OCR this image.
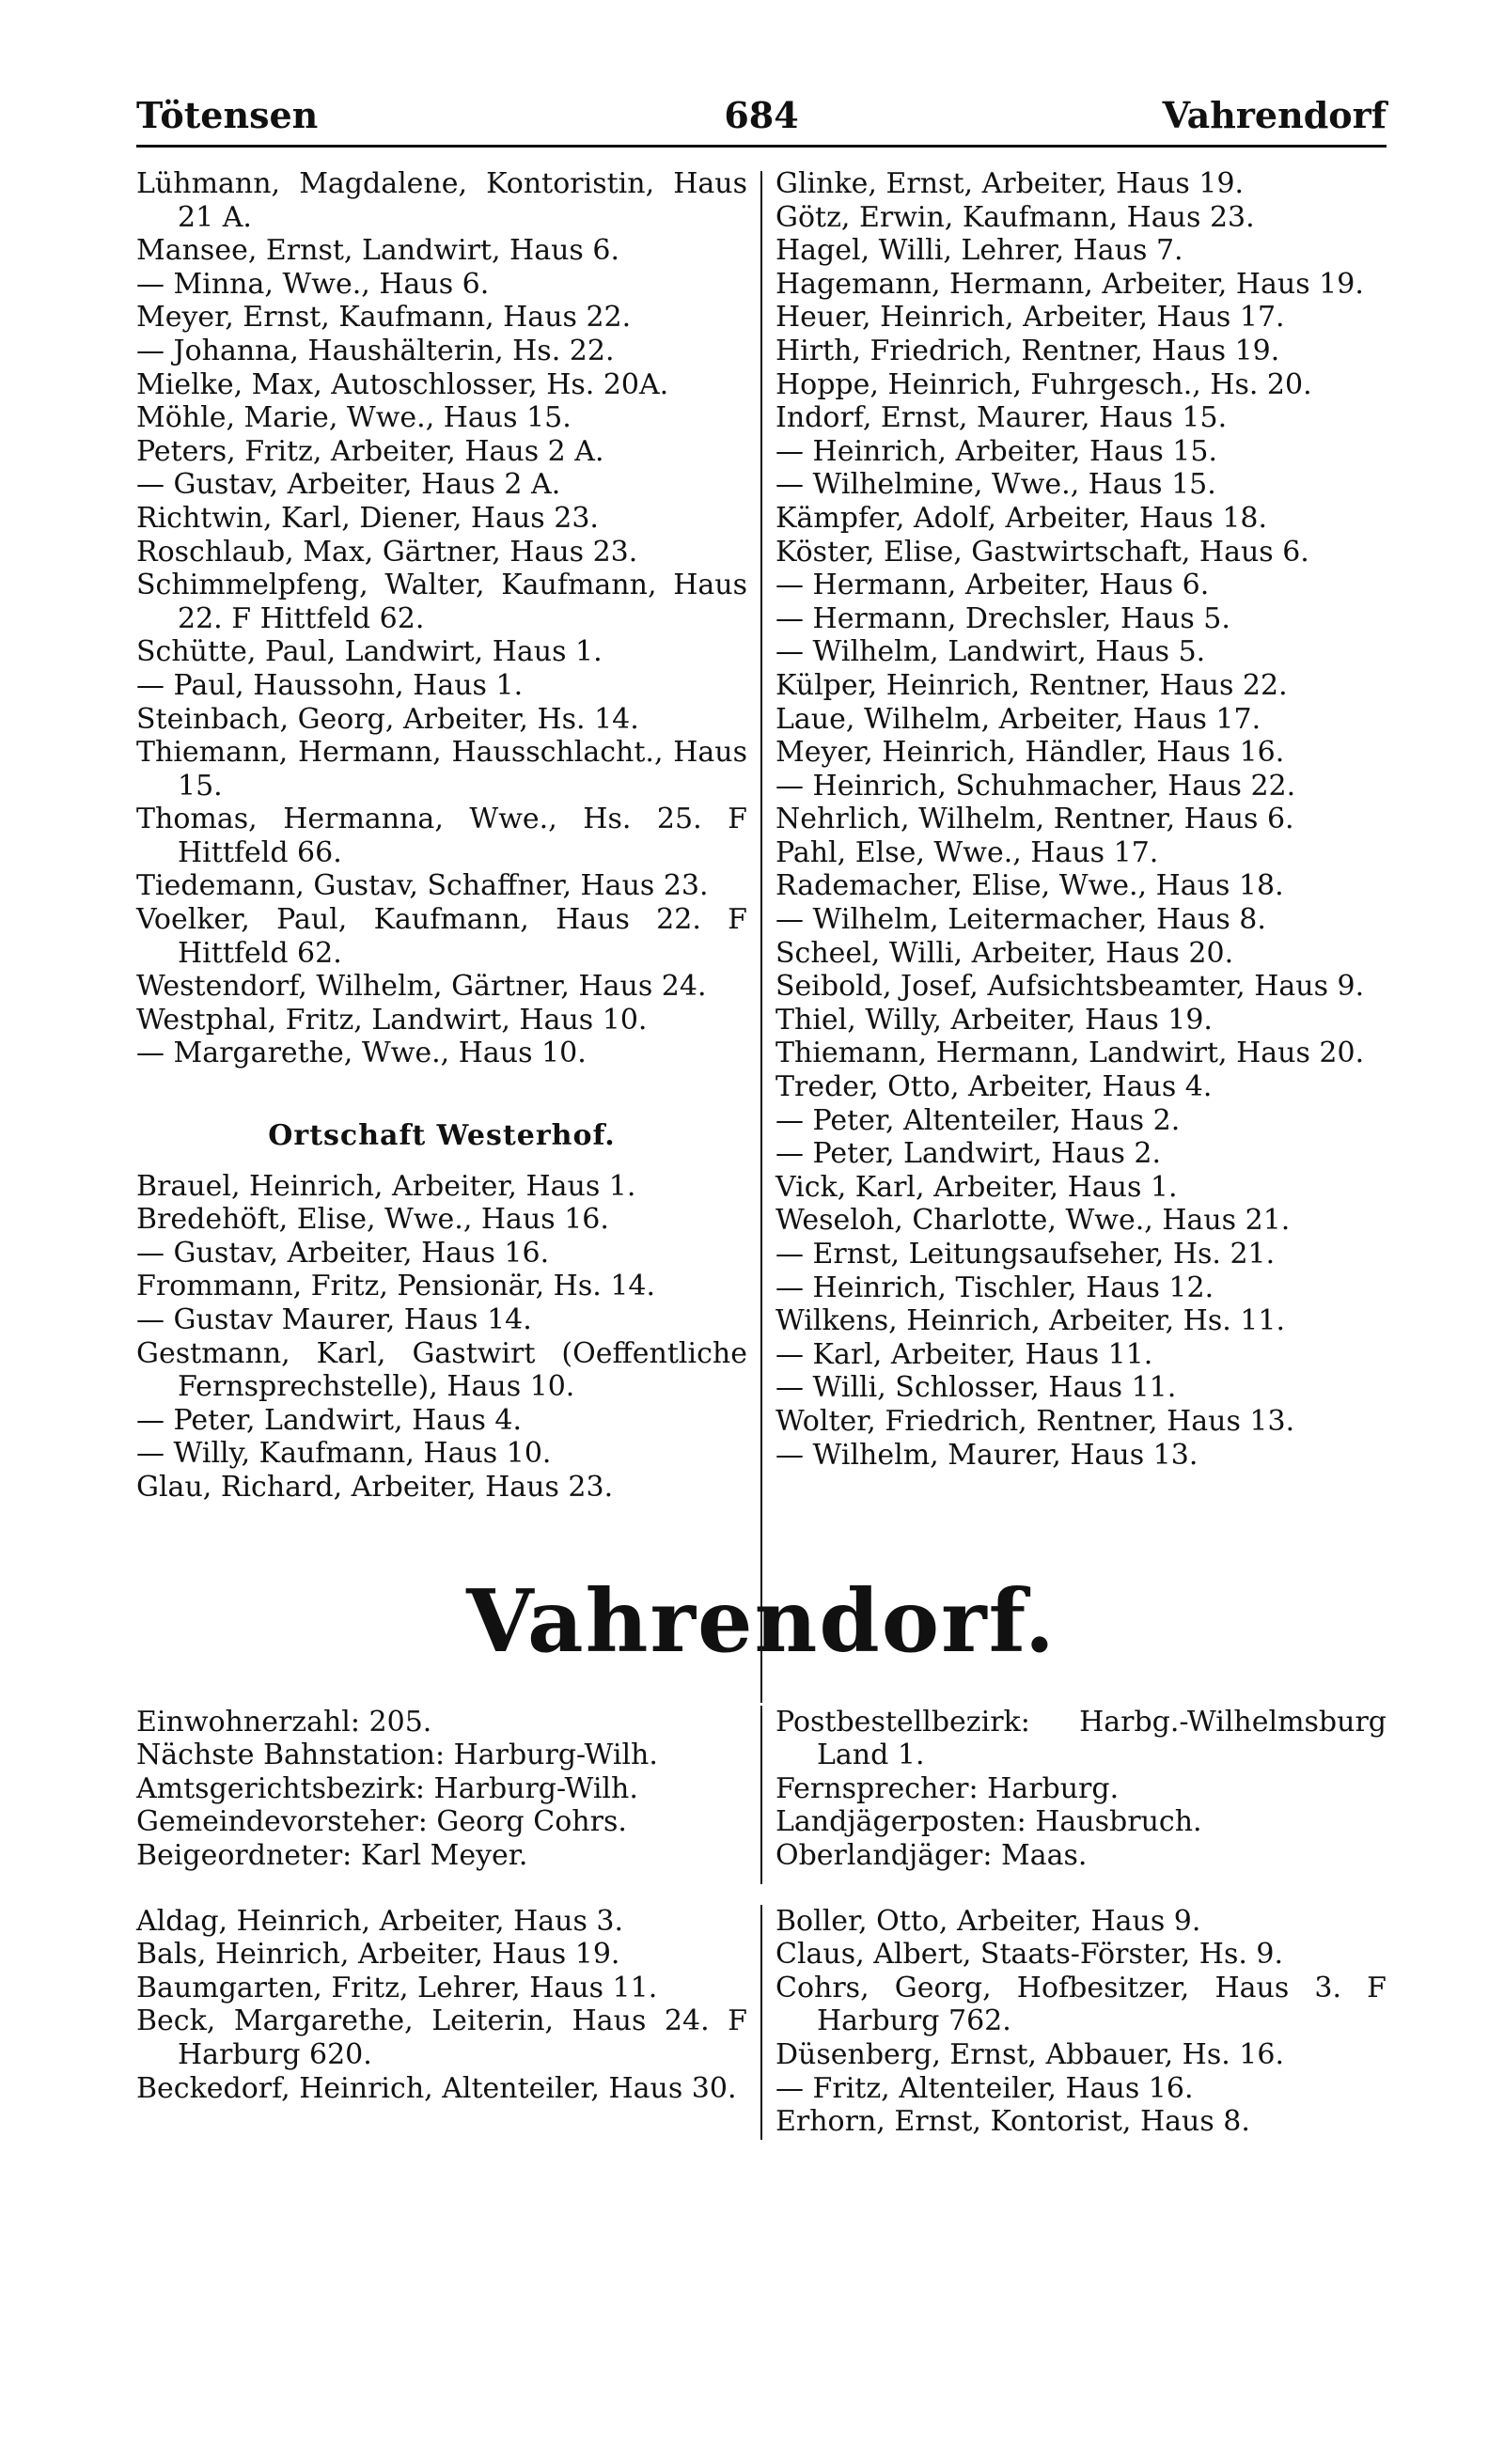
Tötensen	684	Vahrendorf
Lühmann, Magdalene, Kontoristin, Haus 21 A.
Mansee, Ernst, Landwirt, Haus 6.
— Minna, Wwe., Haus 6.
Meyer, Ernst, Kaufmann, Haus 22.
— Johanna, Haushälterin, Hs. 22.
Mielke, Max, Autoschlosser, Hs. 20A.
Möhle, Marie, Wwe., Haus 15.
Peters, Fritz, Arbeiter, Haus 2 A.
— Gustav, Arbeiter, Haus 2 A.
Richtwin, Karl, Diener, Haus 23.
Roschlaub, Max, Gärtner, Haus 23.
Schimmelpfeng, Walter, Kaufmann, Haus 22. F Hittfeld 62.
Schütte, Paul, Landwirt, Haus 1.
— Paul, Haussohn, Haus 1.
Steinbach, Georg, Arbeiter, Hs. 14.
Thiemann, Hermann, Hausschlacht., Haus 15.
Thomas, Hermanna, Wwe., Hs. 25. F Hittfeld 66.
Tiedemann, Gustav, Schaffner, Haus 23.
Voelker, Paul, Kaufmann, Haus 22. F Hittfeld 62.
Westendorf, Wilhelm, Gärtner, Haus 24.
Westphal, Fritz, Landwirt, Haus 10.
— Margarethe, Wwe., Haus 10.
Ortschaft Westerhof.
Brauel, Heinrich, Arbeiter, Haus 1.
Bredehöft, Elise, Wwe., Haus 16.
— Gustav, Arbeiter, Haus 16.
Frommann, Fritz, Pensionär, Hs. 14.
— Gustav Maurer, Haus 14.
Gestmann, Karl, Gastwirt (Oeffentliche Fernsprechstelle), Haus 10.
— Peter, Landwirt, Haus 4.
— Willy, Kaufmann, Haus 10.
Glau, Richard, Arbeiter, Haus 23.
Glinke, Ernst, Arbeiter, Haus 19.
Götz, Erwin, Kaufmann, Haus 23.
Hagel, Willi, Lehrer, Haus 7.
Hagemann, Hermann, Arbeiter, Haus 19.
Heuer, Heinrich, Arbeiter, Haus 17.
Hirth, Friedrich, Rentner, Haus 19.
Hoppe, Heinrich, Fuhrgesch., Hs. 20.
Indorf, Ernst, Maurer, Haus 15.
— Heinrich, Arbeiter, Haus 15.
— Wilhelmine, Wwe., Haus 15.
Kämpfer, Adolf, Arbeiter, Haus 18.
Köster, Elise, Gastwirtschaft, Haus 6.
— Hermann, Arbeiter, Haus 6.
— Hermann, Drechsler, Haus 5.
— Wilhelm, Landwirt, Haus 5.
Külper, Heinrich, Rentner, Haus 22.
Laue, Wilhelm, Arbeiter, Haus 17.
Meyer, Heinrich, Händler, Haus 16.
— Heinrich, Schuhmacher, Haus 22.
Nehrlich, Wilhelm, Rentner, Haus 6.
Pahl, Else, Wwe., Haus 17.
Rademacher, Elise, Wwe., Haus 18.
— Wilhelm, Leitermacher, Haus 8.
Scheel, Willi, Arbeiter, Haus 20.
Seibold, Josef, Aufsichtsbeamter, Haus 9.
Thiel, Willy, Arbeiter, Haus 19.
Thiemann, Hermann, Landwirt, Haus 20.
Treder, Otto, Arbeiter, Haus 4.
— Peter, Altenteiler, Haus 2.
— Peter, Landwirt, Haus 2.
Vick, Karl, Arbeiter, Haus 1.
Weseloh, Charlotte, Wwe., Haus 21.
— Ernst, Leitungsaufseher, Hs. 21.
— Heinrich, Tischler, Haus 12.
Wilkens, Heinrich, Arbeiter, Hs. 11.
— Karl, Arbeiter, Haus 11.
— Willi, Schlosser, Haus 11.
Wolter, Friedrich, Rentner, Haus 13.
— Wilhelm, Maurer, Haus 13.
Vahrendorf.
Einwohnerzahl: 205.
Nächste Bahnstation: Harburg-Wilh.
Amtsgerichtsbezirk: Harburg-Wilh.
Gemeindevorsteher: Georg Cohrs.
Beigeordneter: Karl Meyer.
Postbestellbezirk: Harbg.-Wilhelmsburg Land 1.
Fernsprecher: Harburg.
Landjägerposten: Hausbruch.
Oberlandjäger: Maas.
Aldag, Heinrich, Arbeiter, Haus 3.
Bals, Heinrich, Arbeiter, Haus 19.
Baumgarten, Fritz, Lehrer, Haus 11.
Beck, Margarethe, Leiterin, Haus 24. F Harburg 620.
Beckedorf, Heinrich, Altenteiler, Haus 30.
Boller, Otto, Arbeiter, Haus 9.
Claus, Albert, Staats-Förster, Hs. 9.
Cohrs, Georg, Hofbesitzer, Haus 3. F Harburg 762.
Düsenberg, Ernst, Abbauer, Hs. 16.
— Fritz, Altenteiler, Haus 16.
Erhorn, Ernst, Kontorist, Haus 8.
